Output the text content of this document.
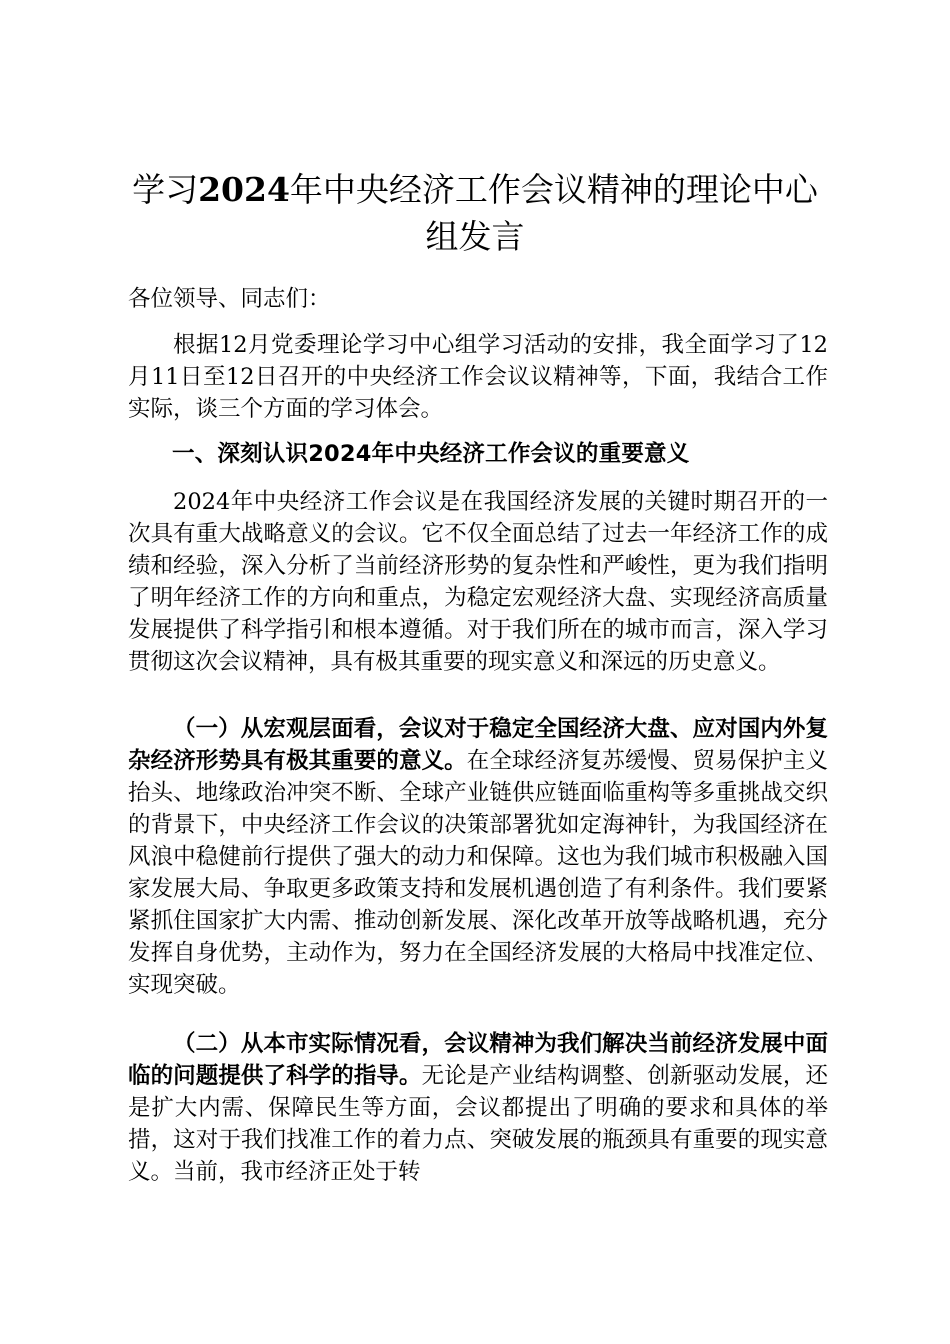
学习2024年中央经济工作会议精神的理论中心组发言

各位领导、同志们：

根据12月党委理论学习中心组学习活动的安排，我全面学习了12月11日至12日召开的中央经济工作会议议精神等，下面，我结合工作实际，谈三个方面的学习体会。

一、深刻认识2024年中央经济工作会议的重要意义

2024年中央经济工作会议是在我国经济发展的关键时期召开的一次具有重大战略意义的会议。它不仅全面总结了过去一年经济工作的成绩和经验，深入分析了当前经济形势的复杂性和严峻性，更为我们指明了明年经济工作的方向和重点，为稳定宏观经济大盘、实现经济高质量发展提供了科学指引和根本遵循。对于我们所在的城市而言，深入学习贯彻这次会议精神，具有极其重要的现实意义和深远的历史意义。

（一）从宏观层面看，会议对于稳定全国经济大盘、应对国内外复杂经济形势具有极其重要的意义。在全球经济复苏缓慢、贸易保护主义抬头、地缘政治冲突不断、全球产业链供应链面临重构等多重挑战交织的背景下，中央经济工作会议的决策部署犹如定海神针，为我国经济在风浪中稳健前行提供了强大的动力和保障。这也为我们城市积极融入国家发展大局、争取更多政策支持和发展机遇创造了有利条件。我们要紧紧抓住国家扩大内需、推动创新发展、深化改革开放等战略机遇，充分发挥自身优势，主动作为，努力在全国经济发展的大格局中找准定位、实现突破。

（二）从本市实际情况看，会议精神为我们解决当前经济发展中面临的问题提供了科学的指导。无论是产业结构调整、创新驱动发展，还是扩大内需、保障民生等方面，会议都提出了明确的要求和具体的举措，这对于我们找准工作的着力点、突破发展的瓶颈具有重要的现实意义。当前，我市经济正处于转
